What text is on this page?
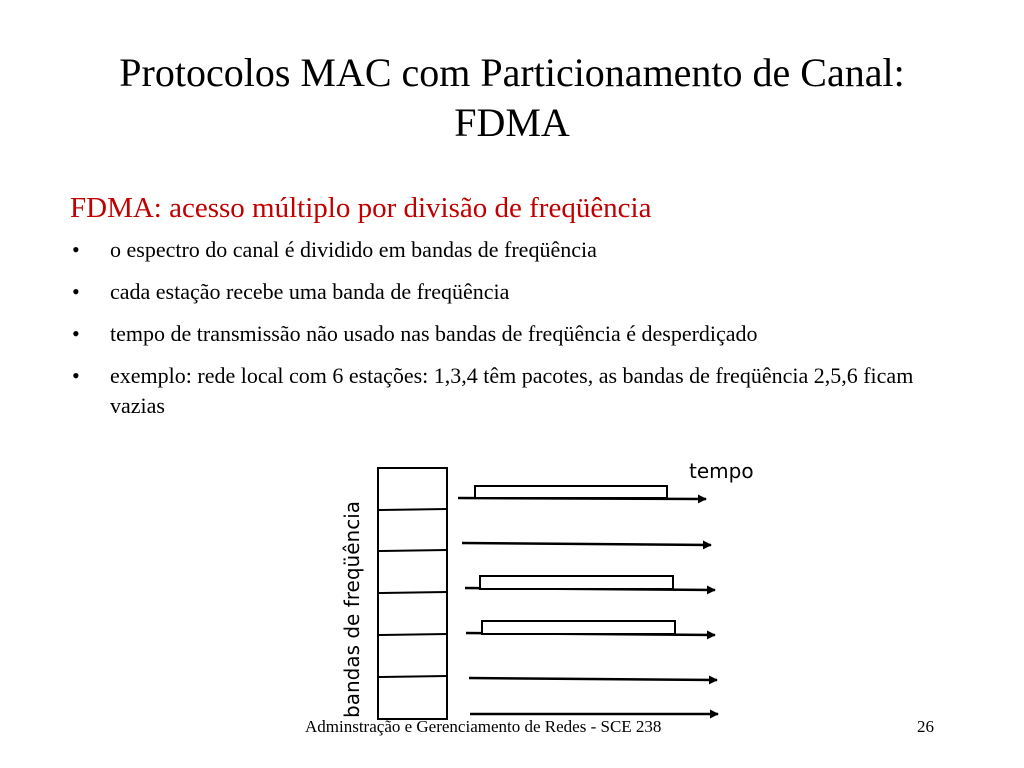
Protocolos MAC com Particionamento de Canal: FDMA
FDMA: acesso múltiplo por divisão de freqüência
• o espectro do canal é dividido em bandas de freqüência
• cada estação recebe uma banda de freqüência
• tempo de transmissão não usado nas bandas de freqüência é desperdiçado
• exemplo: rede local com 6 estações: 1,3,4 têm pacotes, as bandas de freqüência 2,5,6 ficam vazias
bandas de freqüência
tempo
Adminstração e Gerenciamento de Redes - SCE 238	26
